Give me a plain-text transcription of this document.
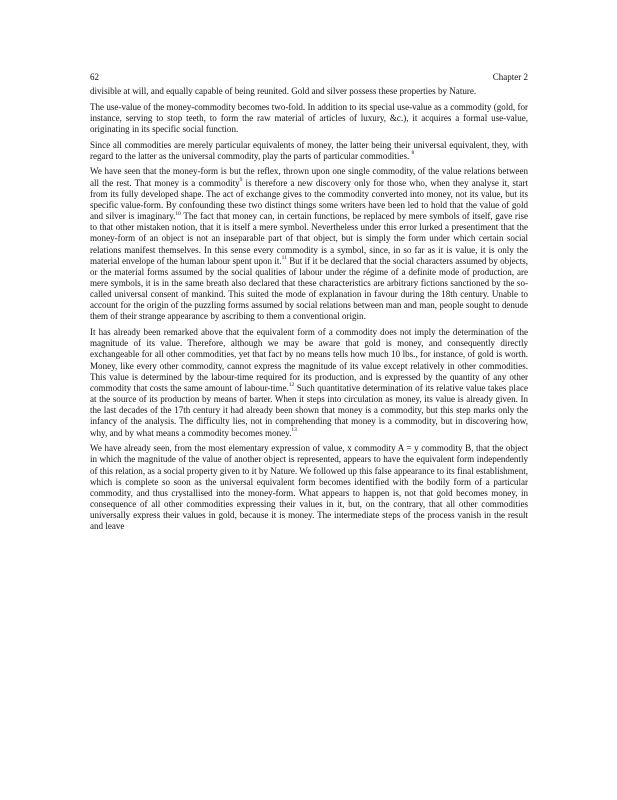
62	Chapter 2

divisible at will, and equally capable of being reunited. Gold and silver possess these properties by Nature.

The use-value of the money-commodity becomes two-fold. In addition to its special use-value as a commodity (gold, for instance, serving to stop teeth, to form the raw material of articles of luxury, &c.), it acquires a formal use-value, originating in its specific social function.

Since all commodities are merely particular equivalents of money, the latter being their universal equivalent, they, with regard to the latter as the universal commodity, play the parts of particular commodities. $^8$

We have seen that the money-form is but the reflex, thrown upon one single commodity, of the value relations between all the rest. That money is a commodity$^9$ is therefore a new discovery only for those who, when they analyse it, start from its fully developed shape. The act of exchange gives to the commodity converted into money, not its value, but its specific value-form. By confounding these two distinct things some writers have been led to hold that the value of gold and silver is imaginary.$^{10}$ The fact that money can, in certain functions, be replaced by mere symbols of itself, gave rise to that other mistaken notion, that it is itself a mere symbol. Nevertheless under this error lurked a presentiment that the money-form of an object is not an inseparable part of that object, but is simply the form under which certain social relations manifest themselves. In this sense every commodity is a symbol, since, in so far as it is value, it is only the material envelope of the human labour spent upon it.$^{11}$ But if it be declared that the social characters assumed by objects, or the material forms assumed by the social qualities of labour under the régime of a definite mode of production, are mere symbols, it is in the same breath also declared that these characteristics are arbitrary fictions sanctioned by the so-called universal consent of mankind. This suited the mode of explanation in favour during the 18th century. Unable to account for the origin of the puzzling forms assumed by social relations between man and man, people sought to denude them of their strange appearance by ascribing to them a conventional origin.

It has already been remarked above that the equivalent form of a commodity does not imply the determination of the magnitude of its value. Therefore, although we may be aware that gold is money, and consequently directly exchangeable for all other commodities, yet that fact by no means tells how much 10 lbs., for instance, of gold is worth. Money, like every other commodity, cannot express the magnitude of its value except relatively in other commodities. This value is determined by the labour-time required for its production, and is expressed by the quantity of any other commodity that costs the same amount of labour-time.$^{12}$ Such quantitative determination of its relative value takes place at the source of its production by means of barter. When it steps into circulation as money, its value is already given. In the last decades of the 17th century it had already been shown that money is a commodity, but this step marks only the infancy of the analysis. The difficulty lies, not in comprehending that money is a commodity, but in discovering how, why, and by what means a commodity becomes money.$^{13}$

We have already seen, from the most elementary expression of value, x commodity A = y commodity B, that the object in which the magnitude of the value of another object is represented, appears to have the equivalent form independently of this relation, as a social property given to it by Nature. We followed up this false appearance to its final establishment, which is complete so soon as the universal equivalent form becomes identified with the bodily form of a particular commodity, and thus crystallised into the money-form. What appears to happen is, not that gold becomes money, in consequence of all other commodities expressing their values in it, but, on the contrary, that all other commodities universally express their values in gold, because it is money. The intermediate steps of the process vanish in the result and leave
